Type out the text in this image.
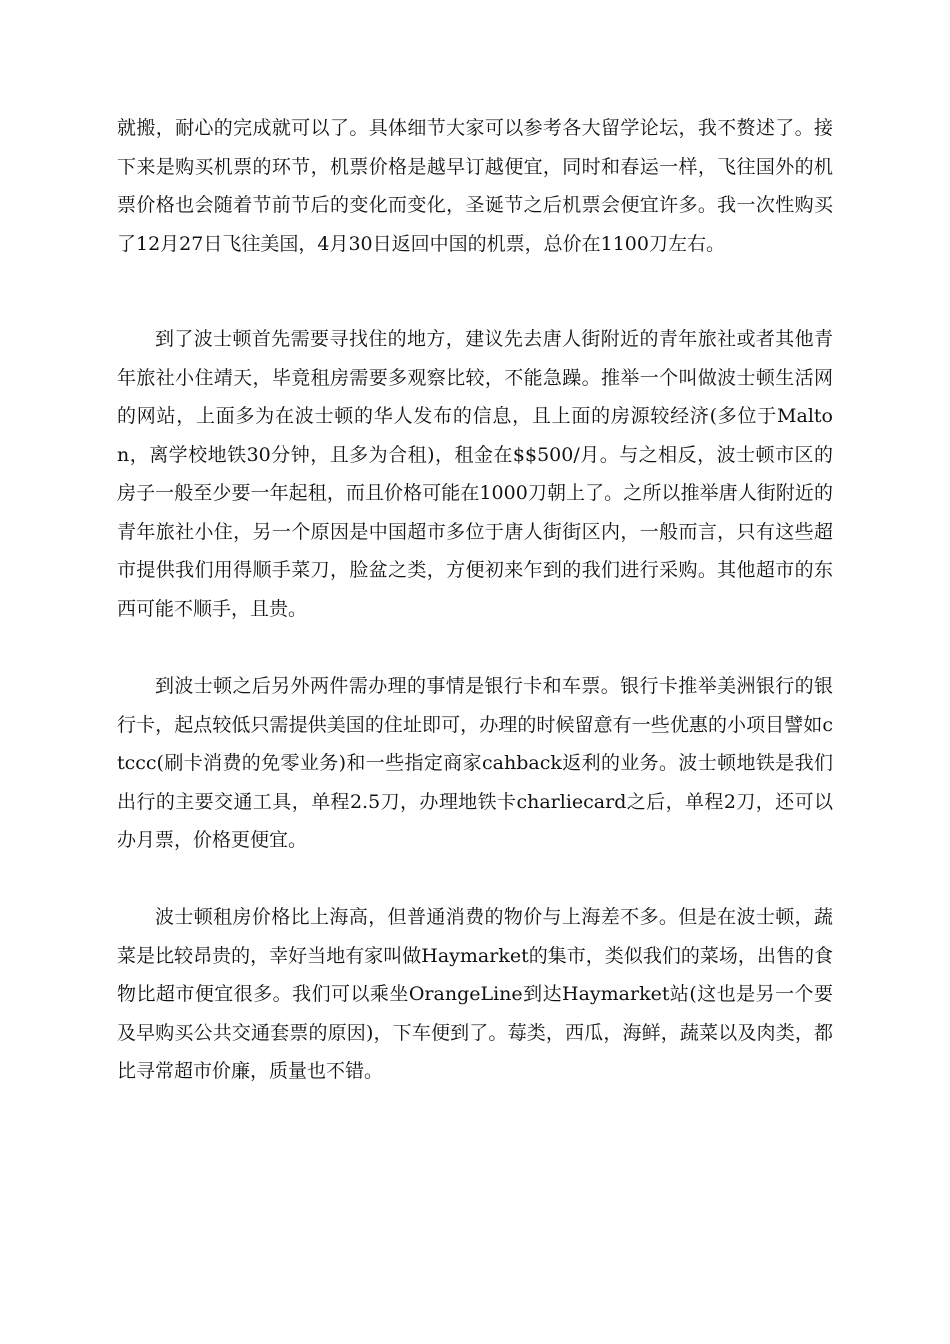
就搬，耐心的完成就可以了。具体细节大家可以参考各大留学论坛，我不赘述了。接下来是购买机票的环节，机票价格是越早订越便宜，同时和春运一样，飞往国外的机票价格也会随着节前节后的变化而变化，圣诞节之后机票会便宜许多。我一次性购买了12月27日飞往美国，4月30日返回中国的机票，总价在1100刀左右。

到了波士顿首先需要寻找住的地方，建议先去唐人街附近的青年旅社或者其他青年旅社小住靖天，毕竟租房需要多观察比较，不能急躁。推举一个叫做波士顿生活网的网站，上面多为在波士顿的华人发布的信息，且上面的房源较经济(多位于Malton，离学校地铁30分钟，且多为合租)，租金在$$500/月。与之相反，波士顿市区的房子一般至少要一年起租，而且价格可能在1000刀朝上了。之所以推举唐人街附近的青年旅社小住，另一个原因是中国超市多位于唐人街街区内，一般而言，只有这些超市提供我们用得顺手菜刀，脸盆之类，方便初来乍到的我们进行采购。其他超市的东西可能不顺手，且贵。

到波士顿之后另外两件需办理的事情是银行卡和车票。银行卡推举美洲银行的银行卡，起点较低只需提供美国的住址即可，办理的时候留意有一些优惠的小项目譬如ctccc(刷卡消费的免零业务)和一些指定商家cahback返利的业务。波士顿地铁是我们出行的主要交通工具，单程2.5刀，办理地铁卡charliecard之后，单程2刀，还可以办月票，价格更便宜。

波士顿租房价格比上海高，但普通消费的物价与上海差不多。但是在波士顿，蔬菜是比较昂贵的，幸好当地有家叫做Haymarket的集市，类似我们的菜场，出售的食物比超市便宜很多。我们可以乘坐OrangeLine到达Haymarket站(这也是另一个要及早购买公共交通套票的原因)，下车便到了。莓类，西瓜，海鲜，蔬菜以及肉类，都比寻常超市价廉，质量也不错。
